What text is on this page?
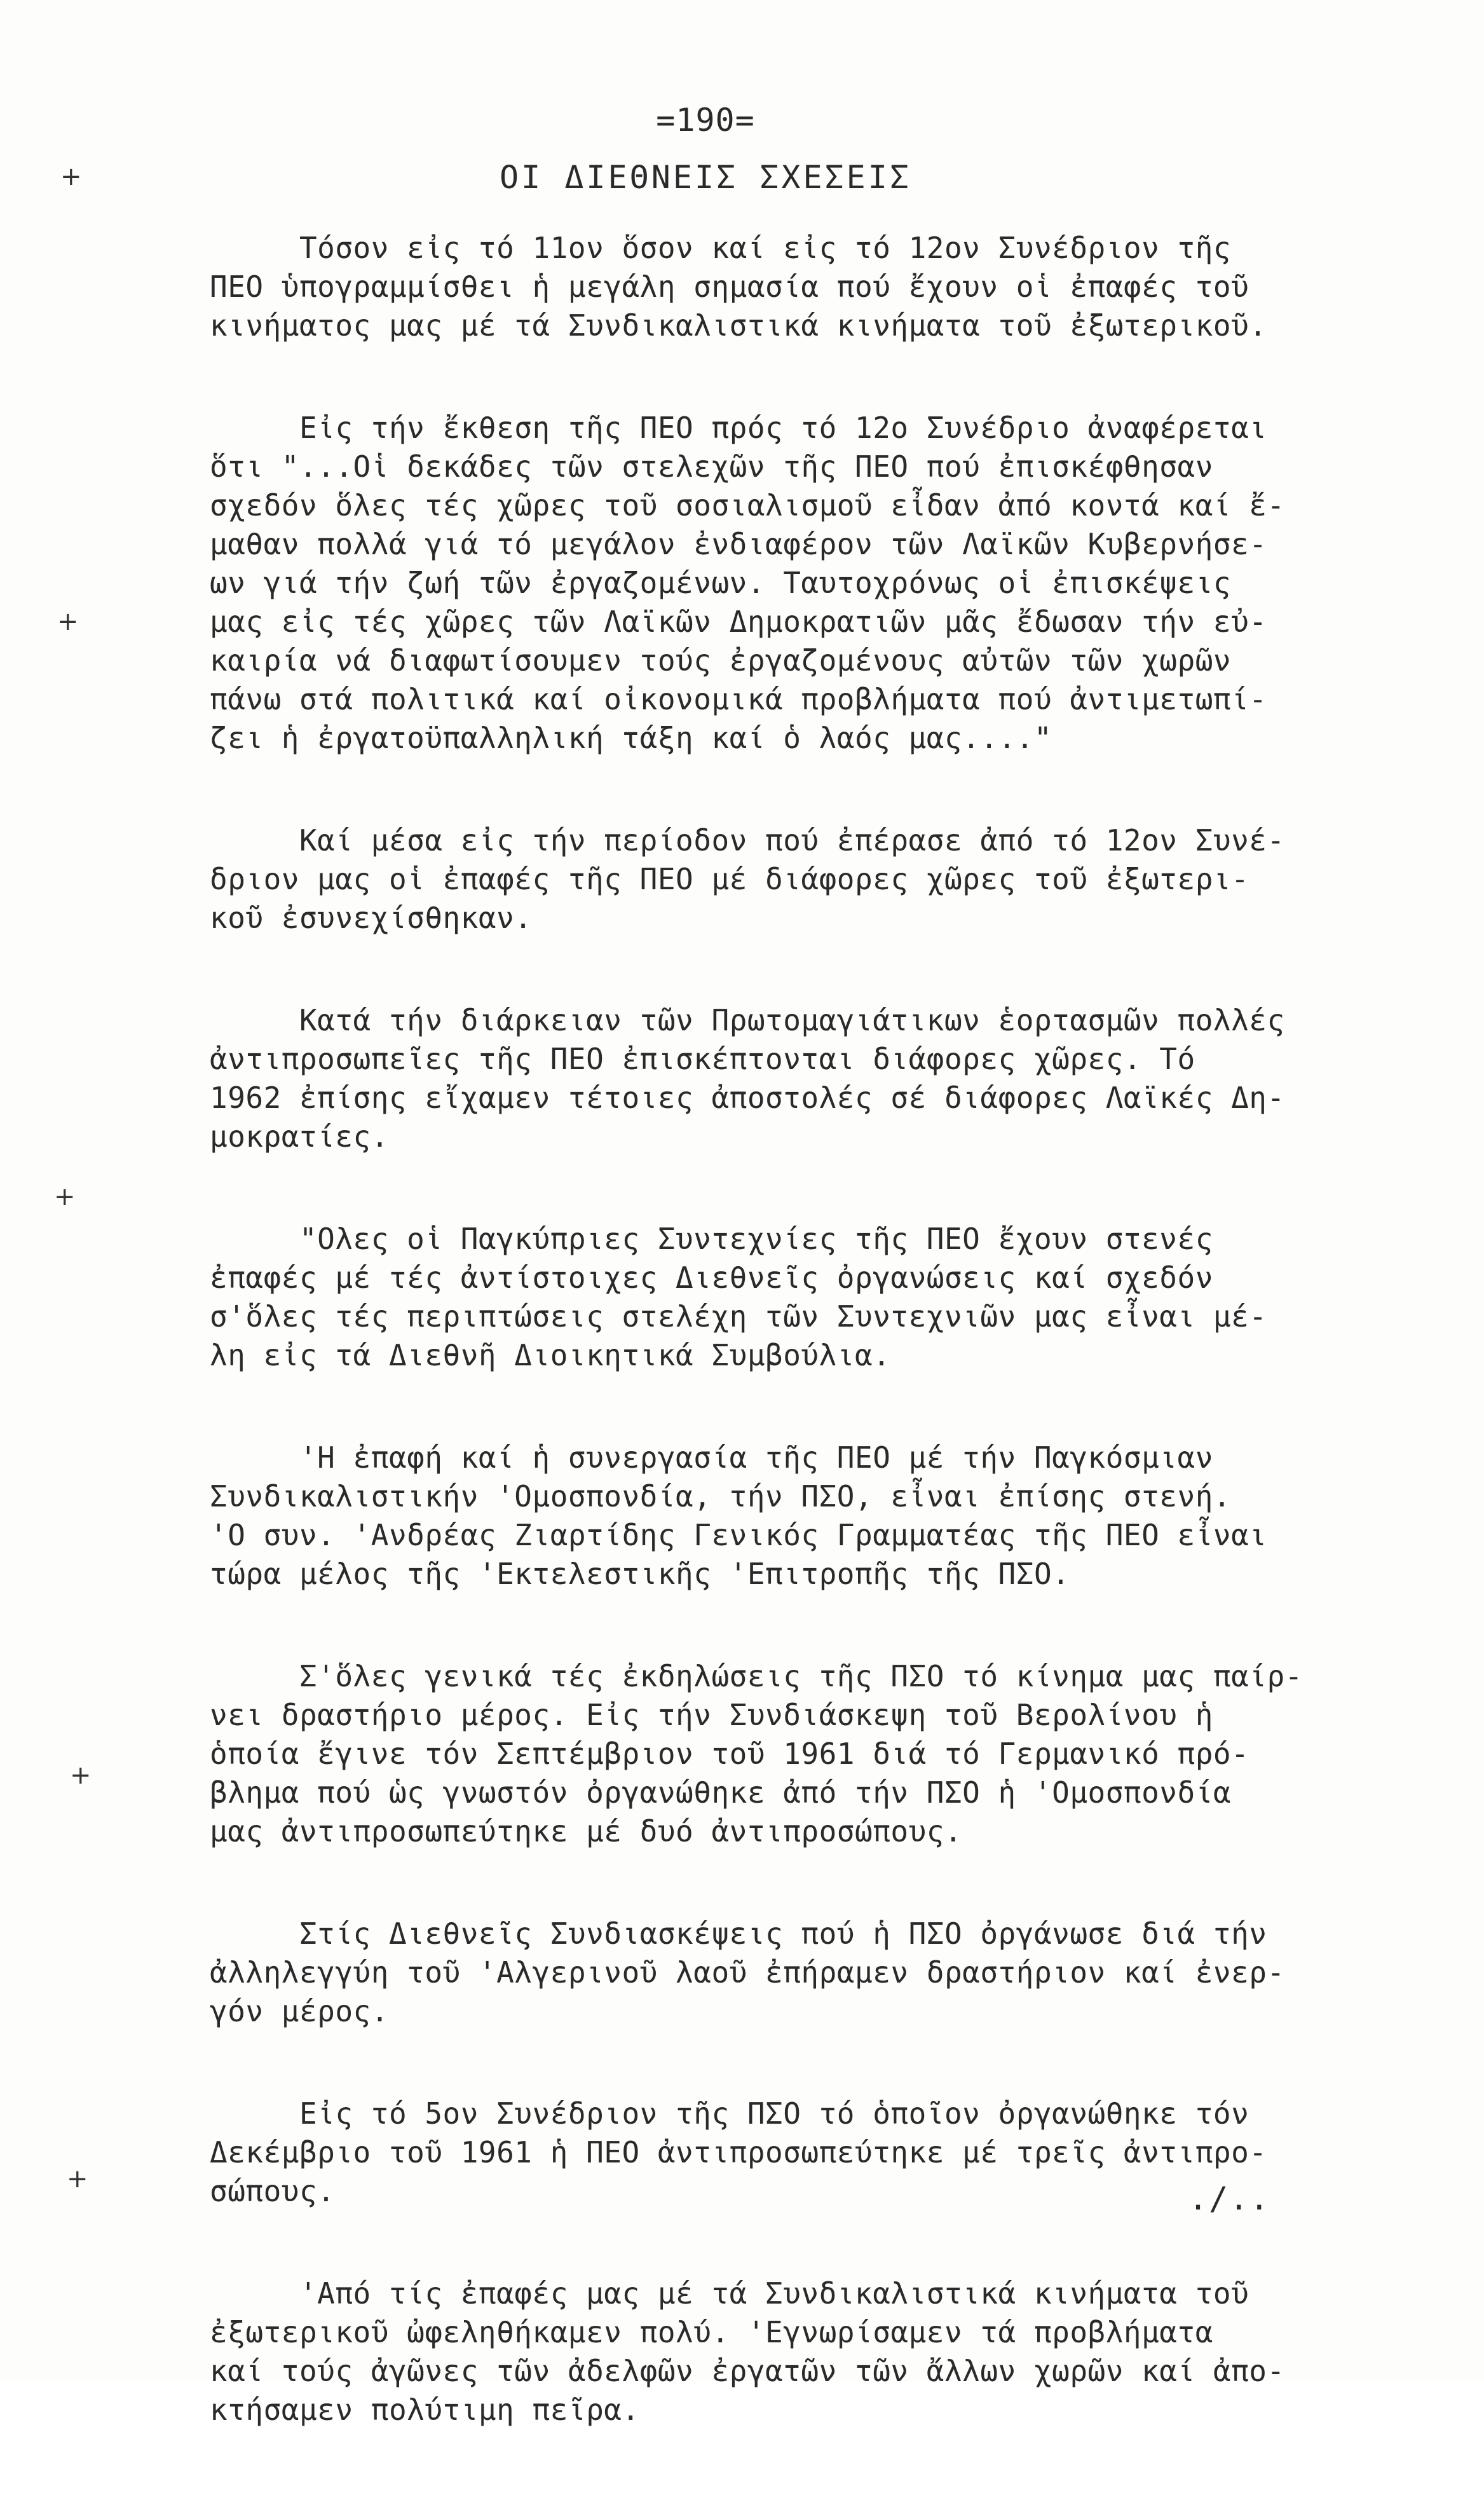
+
+
+
+
+
=190=
ΟΙ ΔΙΕΘΝΕΙΣ ΣΧΕΣΕΙΣ

Τόσον εἰς τό 11ον ὅσον καί εἰς τό 12ον Συνέδριον τῆς
ΠΕΟ ὑπογραμμίσθει ἡ μεγάλη σημασία πού ἔχουν οἱ ἐπαφές τοῦ
κινήματος μας μέ τά Συνδικαλιστικά κινήματα τοῦ ἐξωτερικοῦ.

Εἰς τήν ἔκθεση τῆς ΠΕΟ πρός τό 12ο Συνέδριο ἀναφέρεται
ὅτι "...Οἱ δεκάδες τῶν στελεχῶν τῆς ΠΕΟ πού ἐπισκέφθησαν
σχεδόν ὅλες τές χῶρες τοῦ σοσιαλισμοῦ εἶδαν ἀπό κοντά καί ἔ-
μαθαν πολλά γιά τό μεγάλον ἐνδιαφέρον τῶν Λαϊκῶν Κυβερνήσε-
ων γιά τήν ζωή τῶν ἐργαζομένων. Ταυτοχρόνως οἱ ἐπισκέψεις
μας εἰς τές χῶρες τῶν Λαϊκῶν Δημοκρατιῶν μᾶς ἔδωσαν τήν εὐ-
καιρία νά διαφωτίσουμεν τούς ἐργαζομένους αὐτῶν τῶν χωρῶν
πάνω στά πολιτικά καί οἰκονομικά προβλήματα πού ἀντιμετωπί-
ζει ἡ ἐργατοϋπαλληλική τάξη καί ὁ λαός μας...."

Καί μέσα εἰς τήν περίοδον πού ἐπέρασε ἀπό τό 12ον Συνέ-
δριον μας οἱ ἐπαφές τῆς ΠΕΟ μέ διάφορες χῶρες τοῦ ἐξωτερι-
κοῦ ἐσυνεχίσθηκαν.

Κατά τήν διάρκειαν τῶν Πρωτομαγιάτικων ἑορτασμῶν πολλές
ἀντιπροσωπεῖες τῆς ΠΕΟ ἐπισκέπτονται διάφορες χῶρες. Τό
1962 ἐπίσης εἴχαμεν τέτοιες ἀποστολές σέ διάφορες Λαϊκές Δη-
μοκρατίες.

"Ολες οἱ Παγκύπριες Συντεχνίες τῆς ΠΕΟ ἔχουν στενές
ἐπαφές μέ τές ἀντίστοιχες Διεθνεῖς ὀργανώσεις καί σχεδόν
σ'ὅλες τές περιπτώσεις στελέχη τῶν Συντεχνιῶν μας εἶναι μέ-
λη εἰς τά Διεθνῆ Διοικητικά Συμβούλια.

'Η ἐπαφή καί ἡ συνεργασία τῆς ΠΕΟ μέ τήν Παγκόσμιαν
Συνδικαλιστικήν 'Ομοσπονδία, τήν ΠΣΟ, εἶναι ἐπίσης στενή.
'Ο συν. 'Ανδρέας Ζιαρτίδης Γενικός Γραμματέας τῆς ΠΕΟ εἶναι
τώρα μέλος τῆς 'Εκτελεστικῆς 'Επιτροπῆς τῆς ΠΣΟ.

Σ'ὅλες γενικά τές ἐκδηλώσεις τῆς ΠΣΟ τό κίνημα μας παίρ-
νει δραστήριο μέρος. Εἰς τήν Συνδιάσκεψη τοῦ Βερολίνου ἡ
ὁποία ἔγινε τόν Σεπτέμβριον τοῦ 1961 διά τό Γερμανικό πρό-
βλημα πού ὡς γνωστόν ὀργανώθηκε ἀπό τήν ΠΣΟ ἡ 'Ομοσπονδία
μας ἀντιπροσωπεύτηκε μέ δυό ἀντιπροσώπους.

Στίς Διεθνεῖς Συνδιασκέψεις πού ἡ ΠΣΟ ὀργάνωσε διά τήν
ἀλληλεγγύη τοῦ 'Αλγερινοῦ λαοῦ ἐπήραμεν δραστήριον καί ἐνερ-
γόν μέρος.

Εἰς τό 5ον Συνέδριον τῆς ΠΣΟ τό ὁποῖον ὀργανώθηκε τόν
Δεκέμβριο τοῦ 1961 ἡ ΠΕΟ ἀντιπροσωπεύτηκε μέ τρεῖς ἀντιπρο-
σώπους.

'Από τίς ἐπαφές μας μέ τά Συνδικαλιστικά κινήματα τοῦ
ἐξωτερικοῦ ὠφεληθήκαμεν πολύ. 'Εγνωρίσαμεν τά προβλήματα
καί τούς ἀγῶνες τῶν ἀδελφῶν ἐργατῶν τῶν ἄλλων χωρῶν καί ἀπο-
κτήσαμεν πολύτιμη πεῖρα.

./..
